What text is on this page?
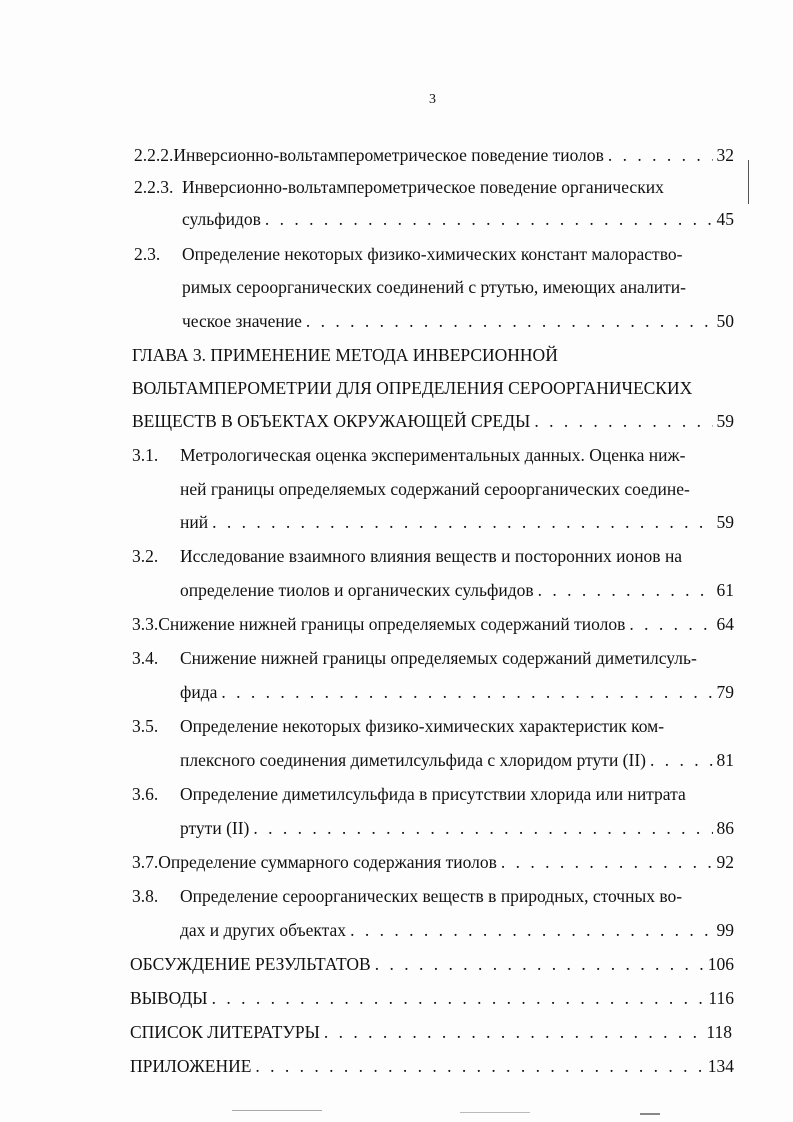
3
2.2.2. Инверсионно-вольтамперометрическое поведение тиолов . . .	32
2.2.3. Инверсионно-вольтамперометрическое поведение органических
сульфидов . . .	45
2.3.	Определение некоторых физико-химических констант малораство-
римых сероорганических соединений с ртутью, имеющих аналити-
ческое значение . . .	50
ГЛАВА 3. ПРИМЕНЕНИЕ МЕТОДА ИНВЕРСИОННОЙ
ВОЛЬТАМПЕРОМЕТРИИ ДЛЯ ОПРЕДЕЛЕНИЯ СЕРООРГАНИЧЕСКИХ
ВЕЩЕСТВ В ОБЪЕКТАХ ОКРУЖАЮЩЕЙ СРЕДЫ . . .	59
3.1.	Метрологическая оценка экспериментальных данных. Оценка ниж-
ней границы определяемых содержаний сероорганических соедине-
ний . . .	59
3.2.	Исследование взаимного влияния веществ и посторонних ионов на
определение тиолов и органических сульфидов . . .	61
3.3. Снижение нижней границы определяемых содержаний тиолов . . .	64
3.4.	Снижение нижней границы определяемых содержаний диметилсуль-
фида . . .	79
3.5.	Определение некоторых физико-химических характеристик ком-
плексного соединения диметилсульфида с хлоридом ртути (II) . . .	81
3.6.	Определение диметилсульфида в присутствии хлорида или нитрата
ртути (II) . . .	86
3.7. Определение суммарного содержания тиолов . . .	92
3.8.	Определение сероорганических веществ в природных, сточных во-
дах и других объектах . . .	99
ОБСУЖДЕНИЕ РЕЗУЛЬТАТОВ . . .	106
ВЫВОДЫ . . .	116
СПИСОК ЛИТЕРАТУРЫ . . .	118
ПРИЛОЖЕНИЕ . . .	134
